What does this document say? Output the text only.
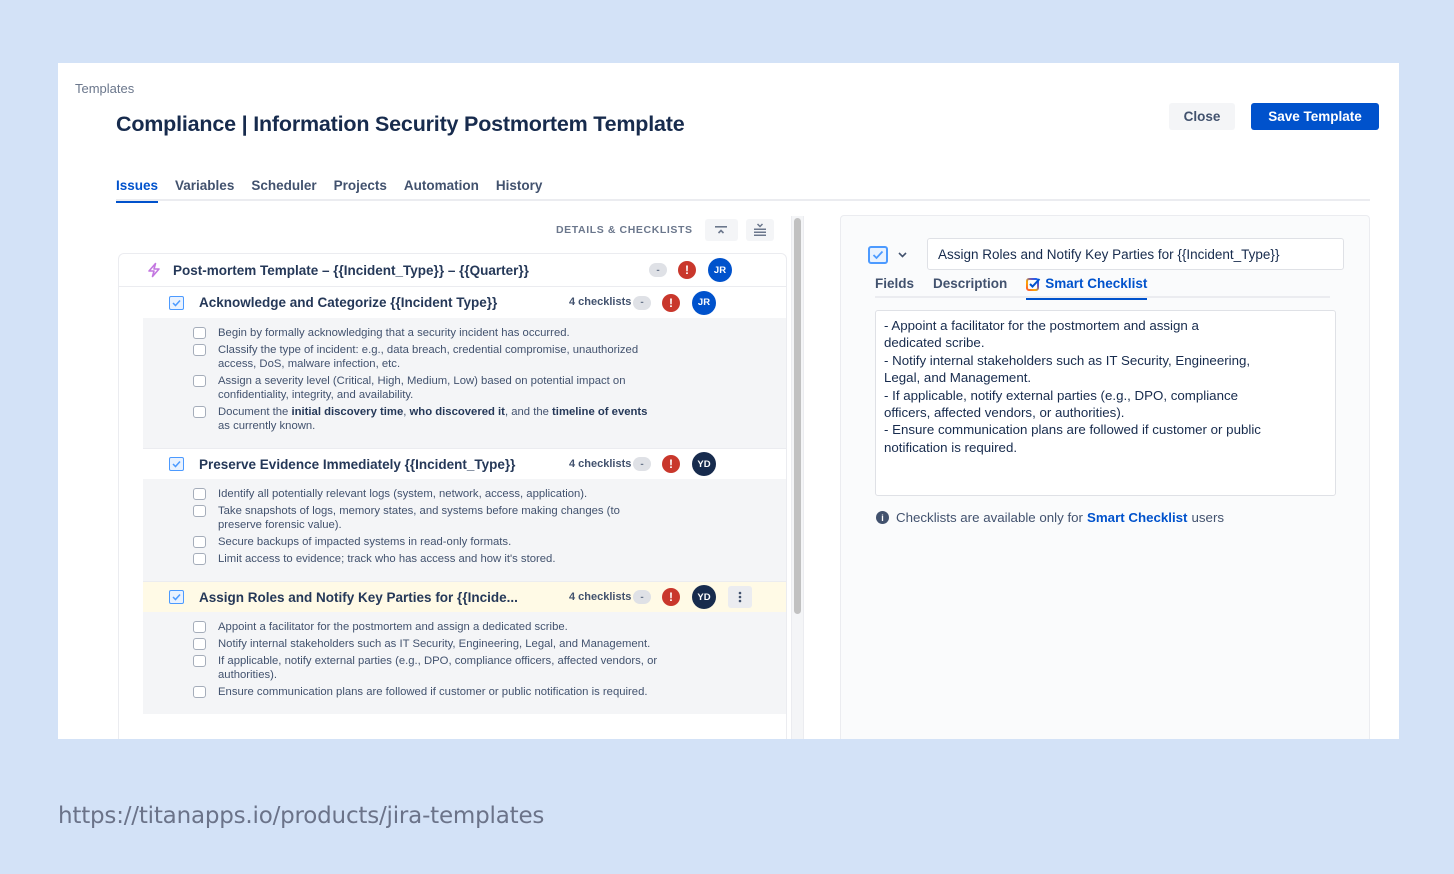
Templates
Compliance | Information Security Postmortem Template	Close	Save Template
Issues	Variables	Scheduler	Projects	Automation	History
DETAILS & CHECKLISTS
Post-mortem Template – {{Incident_Type}} – {{Quarter}}	-	!	JR
Acknowledge and Categorize {{Incident Type}}	4 checklists -	!	JR
Begin by formally acknowledging that a security incident has occurred.
Classify the type of incident: e.g., data breach, credential compromise, unauthorized access, DoS, malware infection, etc.
Assign a severity level (Critical, High, Medium, Low) based on potential impact on confidentiality, integrity, and availability.
Document the initial discovery time, who discovered it, and the timeline of events as currently known.
Preserve Evidence Immediately {{Incident_Type}}	4 checklists -	!	YD
Identify all potentially relevant logs (system, network, access, application).
Take snapshots of logs, memory states, and systems before making changes (to preserve forensic value).
Secure backups of impacted systems in read-only formats.
Limit access to evidence; track who has access and how it's stored.
Assign Roles and Notify Key Parties for {{Incide...	4 checklists -	!	YD
Appoint a facilitator for the postmortem and assign a dedicated scribe.
Notify internal stakeholders such as IT Security, Engineering, Legal, and Management.
If applicable, notify external parties (e.g., DPO, compliance officers, affected vendors, or authorities).
Ensure communication plans are followed if customer or public notification is required.
Assign Roles and Notify Key Parties for {{Incident_Type}}
Fields Description	Smart Checklist
- Appoint a facilitator for the postmortem and assign a
dedicated scribe.
- Notify internal stakeholders such as IT Security, Engineering,
Legal, and Management.
- If applicable, notify external parties (e.g., DPO, compliance
officers, affected vendors, or authorities).
- Ensure communication plans are followed if customer or public
notification is required.
i Checklists are available only for Smart Checklist users
https://titanapps.io/products/jira-templates
